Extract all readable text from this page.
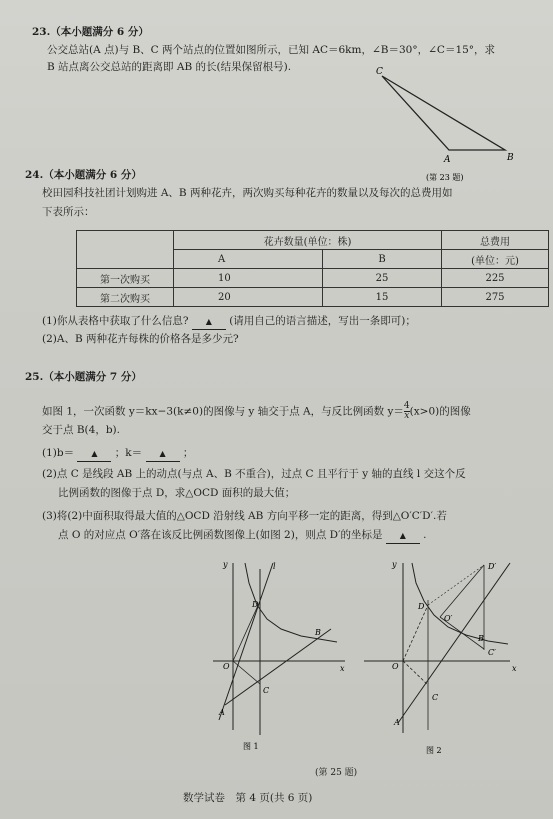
23.（本小题满分 6 分）
公交总站(A 点)与 B、C 两个站点的位置如图所示，已知 AC＝6km，∠B＝30°，∠C＝15°，求
B 站点离公交总站的距离即 AB 的长(结果保留根号).	C
A	B
(第 23 题)
24.（本小题满分 6 分）
校田园科技社团计划购进 A、B 两种花卉，两次购买每种花卉的数量以及每次的总费用如
下表所示：
	花卉数量(单位：株)		总费用
	A	B	(单位：元)
第一次购买	10	25	225
第二次购买	20	15	275
(1)你从表格中获取了什么信息? ▲ (请用自己的语言描述，写出一条即可)；
(2)A、B 两种花卉每株的价格各是多少元?
25.（本小题满分 7 分）
如图 1，一次函数 y＝kx−3(k≠0)的图像与 y 轴交于点 A，与反比例函数 $y= \frac{4}{x} (x>0)$的图像
交于点 B(4，b).
(1)b＝ ▲ ；k＝ ▲ ；
(2)点 C 是线段 AB 上的动点(与点 A、B 不重合)，过点 C 且平行于 y 轴的直线 l 交这个反
比例函数的图像于点 D，求△OCD 面积的最大值；
(3)将(2)中面积取得最大值的△OCD 沿射线 AB 方向平移一定的距离，得到△O′C′D′.若
点 O 的对应点 O′落在该反比例函数图像上(如图 2)，则点 D′的坐标是 ▲ .
y	l
D
B
O	x
C
A
图 1
y	D′
D
O′
B
C′
O	x
C
A
图 2
(第 25 题)
数学试卷　第 4 页(共 6 页)
